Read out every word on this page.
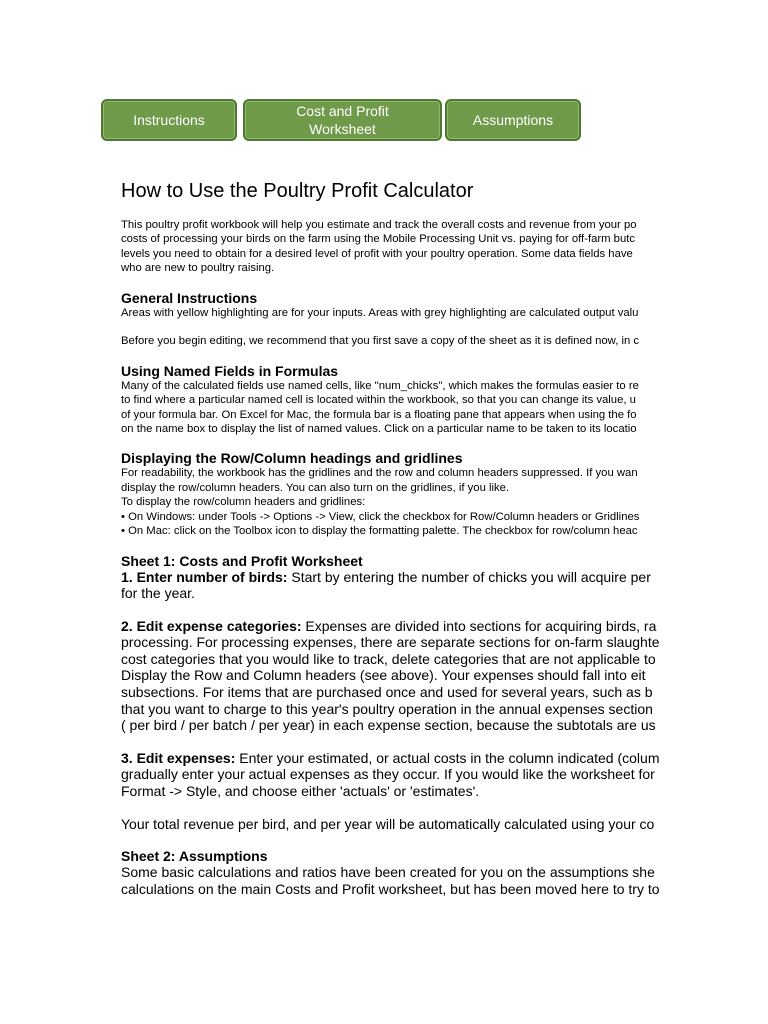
Instructions
Cost and Profit
Worksheet
Assumptions
How to Use the Poultry Profit Calculator

This poultry profit workbook will help you estimate and track the overall costs and revenue from your po

costs of processing your birds on the farm using the Mobile Processing Unit vs. paying for off-farm butc

levels you need to obtain for a desired level of profit with your poultry operation. Some data fields have

who are new to poultry raising.

General Instructions

Areas with yellow highlighting are for your inputs. Areas with grey highlighting are calculated output valu

Before you begin editing, we recommend that you first save a copy of the sheet as it is defined now, in c

Using Named Fields in Formulas

Many of the calculated fields use named cells, like "num_chicks", which makes the formulas easier to re

to find where a particular named cell is located within the workbook, so that you can change its value, u

of your formula bar. On Excel for Mac, the formula bar is a floating pane that appears when using the fo

on the name box to display the list of named values. Click on a particular name to be taken to its locatio

Displaying the Row/Column headings and gridlines

For readability, the workbook has the gridlines and the row and column headers suppressed. If you wan

display the row/column headers. You can also turn on the gridlines, if you like.

To display the row/column headers and gridlines:

• On Windows: under Tools -> Options -> View, click the checkbox for Row/Column headers or Gridlines

• On Mac: click on the Toolbox icon to display the formatting palette. The checkbox for row/column heac

Sheet 1: Costs and Profit Worksheet

1. Enter number of birds: Start by entering the number of chicks you will acquire per

for the year.

2. Edit expense categories: Expenses are divided into sections for acquiring birds, ra

processing. For processing expenses, there are separate sections for on-farm slaughte

cost categories that you would like to track, delete categories that are not applicable to

Display the Row and Column headers (see above). Your expenses should fall into eit

subsections. For items that are purchased once and used for several years, such as b

that you want to charge to this year's poultry operation in the annual expenses section

( per bird / per batch / per year) in each expense section, because the subtotals are us

3. Edit expenses: Enter your estimated, or actual costs in the column indicated (colum

gradually enter your actual expenses as they occur. If you would like the worksheet for

Format -> Style, and choose either 'actuals' or 'estimates'.

Your total revenue per bird, and per year will be automatically calculated using your co

Sheet 2: Assumptions

Some basic calculations and ratios have been created for you on the assumptions she

calculations on the main Costs and Profit worksheet, but has been moved here to try to
